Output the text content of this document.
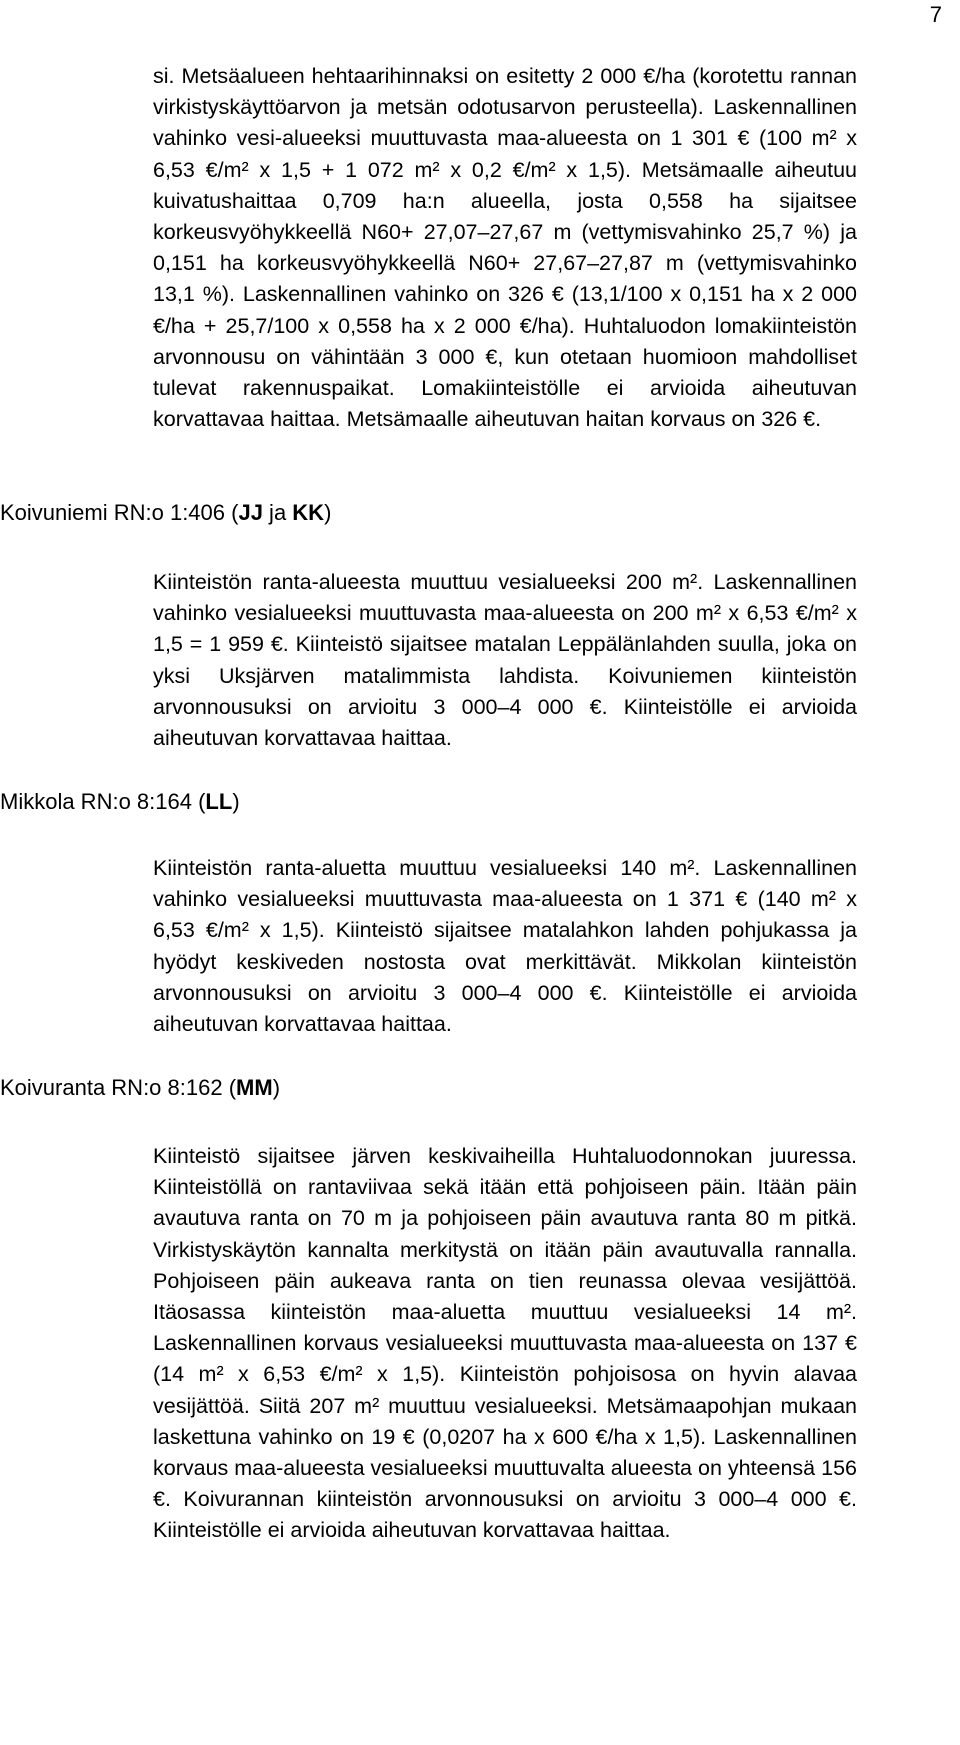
7

si. Metsäalueen hehtaarihinnaksi on esitetty 2 000 €/ha (korotettu rannan virkistyskäyttöarvon ja metsän odotusarvon perusteella). Laskennallinen vahinko vesi-alueeksi muuttuvasta maa-alueesta on 1 301 € (100 m² x 6,53 €/m² x 1,5 + 1 072 m² x 0,2 €/m² x 1,5). Metsämaalle aiheutuu kuivatushaittaa 0,709 ha:n alueella, josta 0,558 ha sijaitsee korkeusvyöhykkeellä N60+ 27,07–27,67 m (vettymisvahinko 25,7 %) ja 0,151 ha korkeusvyöhykkeellä N60+ 27,67–27,87 m (vettymisvahinko 13,1 %). Laskennallinen vahinko on 326 € (13,1/100 x 0,151 ha x 2 000 €/ha + 25,7/100 x 0,558 ha x 2 000 €/ha). Huhtaluodon lomakiinteistön arvonnousu on vähintään 3 000 €, kun otetaan huomioon mahdolliset tulevat rakennuspaikat. Lomakiinteistölle ei arvioida aiheutuvan korvattavaa haittaa. Metsämaalle aiheutuvan haitan korvaus on 326 €.

Koivuniemi RN:o 1:406 (JJ ja KK)

Kiinteistön ranta-alueesta muuttuu vesialueeksi 200 m². Laskennallinen vahinko vesialueeksi muuttuvasta maa-alueesta on 200 m² x 6,53 €/m² x 1,5 = 1 959 €. Kiinteistö sijaitsee matalan Leppälänlahden suulla, joka on yksi Uksjärven matalimmista lahdista. Koivuniemen kiinteistön arvonnousuksi on arvioitu 3 000–4 000 €. Kiinteistölle ei arvioida aiheutuvan korvattavaa haittaa.

Mikkola RN:o 8:164 (LL)

Kiinteistön ranta-aluetta muuttuu vesialueeksi 140 m². Laskennallinen vahinko vesialueeksi muuttuvasta maa-alueesta on 1 371 € (140 m² x 6,53 €/m² x 1,5). Kiinteistö sijaitsee matalahkon lahden pohjukassa ja hyödyt keskiveden nostosta ovat merkittävät. Mikkolan kiinteistön arvonnousuksi on arvioitu 3 000–4 000 €. Kiinteistölle ei arvioida aiheutuvan korvattavaa haittaa.

Koivuranta RN:o 8:162 (MM)

Kiinteistö sijaitsee järven keskivaiheilla Huhtaluodonnokan juuressa. Kiinteistöllä on rantaviivaa sekä itään että pohjoiseen päin. Itään päin avautuva ranta on 70 m ja pohjoiseen päin avautuva ranta 80 m pitkä. Virkistyskäytön kannalta merkitystä on itään päin avautuvalla rannalla. Pohjoiseen päin aukeava ranta on tien reunassa olevaa vesijättöä. Itäosassa kiinteistön maa-aluetta muuttuu vesialueeksi 14 m². Laskennallinen korvaus vesialueeksi muuttuvasta maa-alueesta on 137 € (14 m² x 6,53 €/m² x 1,5). Kiinteistön pohjoisosa on hyvin alavaa vesijättöä. Siitä 207 m² muuttuu vesialueeksi. Metsämaapohjan mukaan laskettuna vahinko on 19 € (0,0207 ha x 600 €/ha x 1,5). Laskennallinen korvaus maa-alueesta vesialueeksi muuttuvalta alueesta on yhteensä 156 €. Koivurannan kiinteistön arvonnousuksi on arvioitu 3 000–4 000 €. Kiinteistölle ei arvioida aiheutuvan korvattavaa haittaa.
